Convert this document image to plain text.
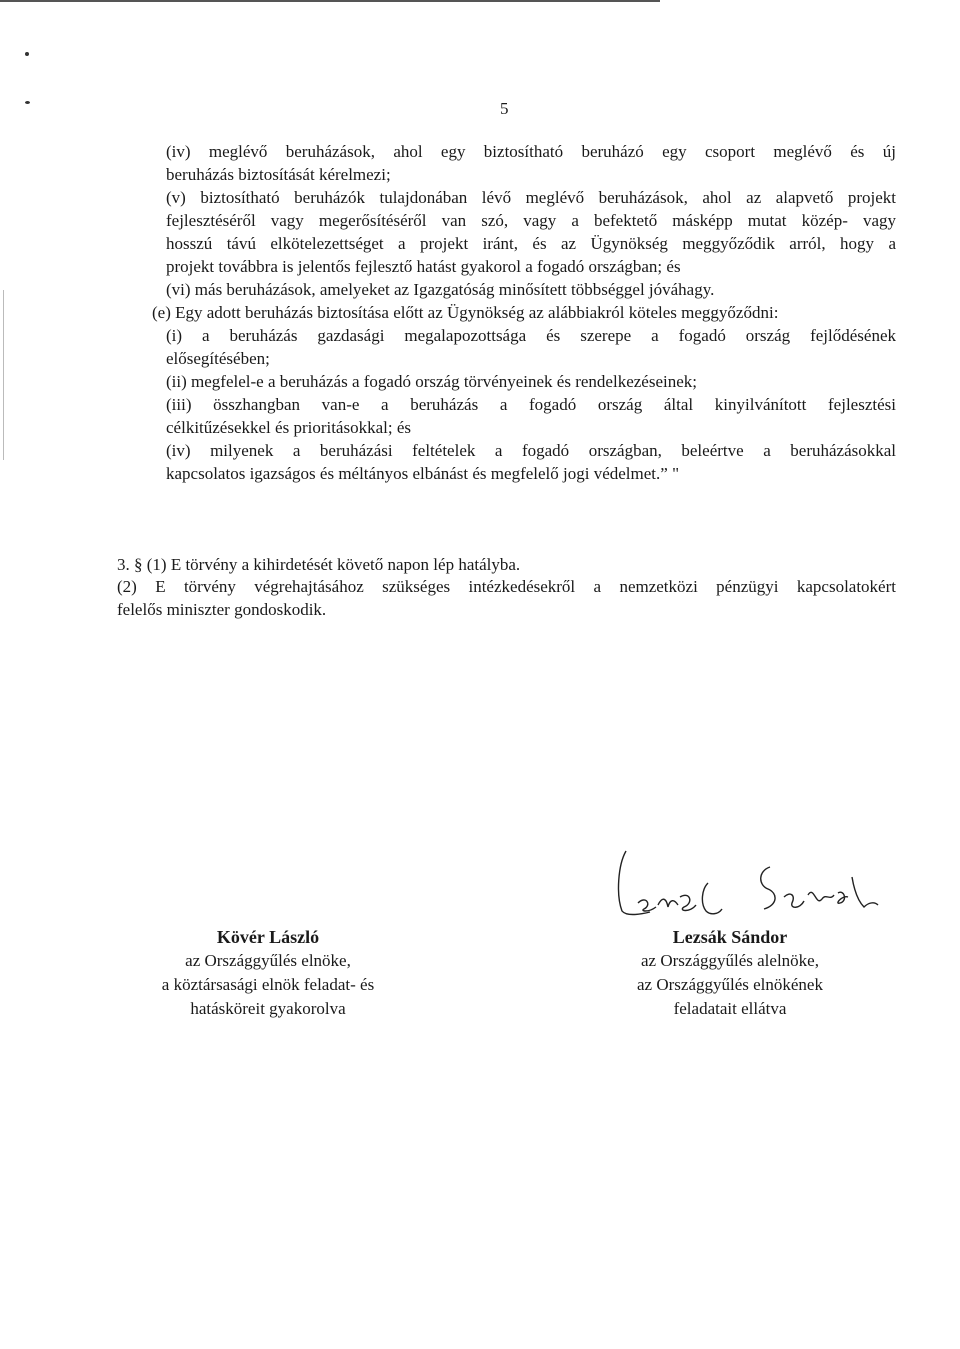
5
(iv) meglévő beruházások, ahol egy biztosítható beruházó egy csoport meglévő és új
beruházás biztosítását kérelmezi;
(v) biztosítható beruházók tulajdonában lévő meglévő beruházások, ahol az alapvető projekt
fejlesztéséről vagy megerősítéséről van szó, vagy a befektető másképp mutat közép- vagy
hosszú távú elkötelezettséget a projekt iránt, és az Ügynökség meggyőződik arról, hogy a
projekt továbbra is jelentős fejlesztő hatást gyakorol a fogadó országban; és
(vi) más beruházások, amelyeket az Igazgatóság minősített többséggel jóváhagy.
(e) Egy adott beruházás biztosítása előtt az Ügynökség az alábbiakról köteles meggyőződni:
(i) a beruházás gazdasági megalapozottsága és szerepe a fogadó ország fejlődésének
elősegítésében;
(ii) megfelel-e a beruházás a fogadó ország törvényeinek és rendelkezéseinek;
(iii) összhangban van-e a beruházás a fogadó ország által kinyilvánított fejlesztési
célkitűzésekkel és prioritásokkal; és
(iv) milyenek a beruházási feltételek a fogadó országban, beleértve a beruházásokkal
kapcsolatos igazságos és méltányos elbánást és megfelelő jogi védelmet.” "
3. § (1) E törvény a kihirdetését követő napon lép hatályba.
(2) E törvény végrehajtásához szükséges intézkedésekről a nemzetközi pénzügyi kapcsolatokért
felelős miniszter gondoskodik.
Kövér László
az Országgyűlés elnöke,
a köztársasági elnök feladat- és
hatásköreit gyakorolva
Lezsák Sándor
az Országgyűlés alelnöke,
az Országgyűlés elnökének
feladatait ellátva
